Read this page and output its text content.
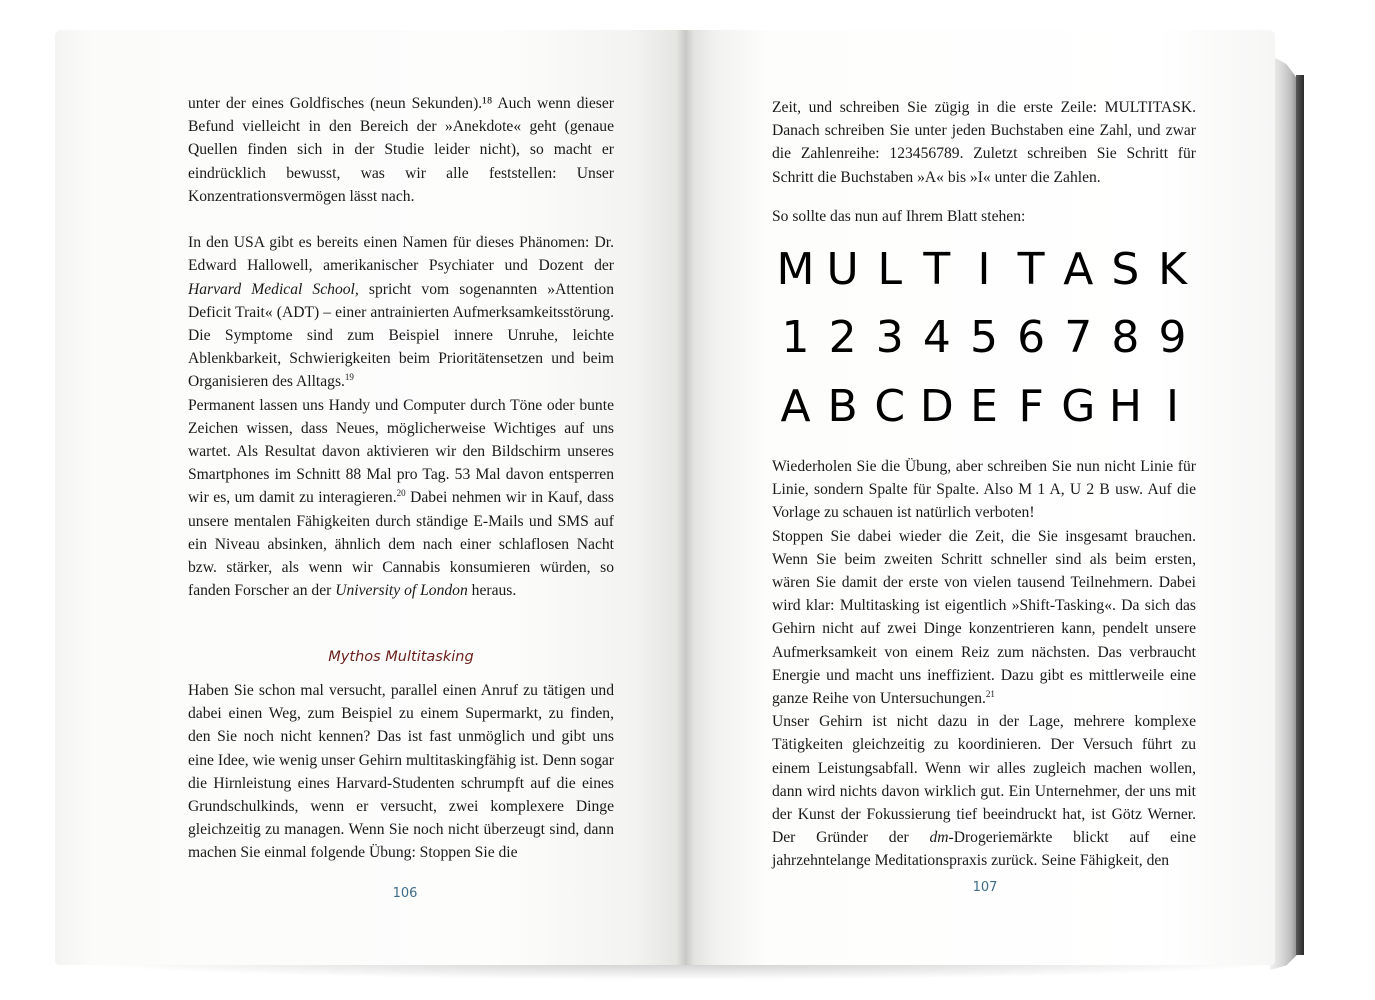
unter der eines Goldfisches (neun Sekunden).¹⁸ Auch wenn dieser Befund vielleicht in den Bereich der »Anekdote« geht (genaue Quellen finden sich in der Studie leider nicht), so macht er eindrücklich bewusst, was wir alle feststellen: Unser Konzentrationsvermögen lässt nach.

In den USA gibt es bereits einen Namen für dieses Phänomen: Dr. Edward Hallowell, amerikanischer Psychiater und Dozent der Harvard Medical School, spricht vom sogenannten »Attention Deficit Trait« (ADT) – einer antrainierten Aufmerksamkeitsstörung. Die Symptome sind zum Beispiel innere Unruhe, leichte Ablenkbarkeit, Schwierigkeiten beim Prioritätensetzen und beim Organisieren des Alltags.$^{19}$

Permanent lassen uns Handy und Computer durch Töne oder bunte Zeichen wissen, dass Neues, möglicherweise Wichtiges auf uns wartet. Als Resultat davon aktivieren wir den Bildschirm unseres Smartphones im Schnitt 88 Mal pro Tag. 53 Mal davon entsperren wir es, um damit zu interagieren.$^{20}$ Dabei nehmen wir in Kauf, dass unsere mentalen Fähigkeiten durch ständige E-Mails und SMS auf ein Niveau absinken, ähnlich dem nach einer schlaflosen Nacht bzw. stärker, als wenn wir Cannabis konsumieren würden, so fanden Forscher an der University of London heraus.

Mythos Multitasking

Haben Sie schon mal versucht, parallel einen Anruf zu tätigen und dabei einen Weg, zum Beispiel zu einem Supermarkt, zu finden, den Sie noch nicht kennen? Das ist fast unmöglich und gibt uns eine Idee, wie wenig unser Gehirn multitaskingfähig ist. Denn sogar die Hirnleistung eines Harvard-Studenten schrumpft auf die eines Grundschulkinds, wenn er versucht, zwei komplexere Dinge gleichzeitig zu managen. Wenn Sie noch nicht überzeugt sind, dann machen Sie einmal folgende Übung: Stoppen Sie die

106

Zeit, und schreiben Sie zügig in die erste Zeile: MULTITASK. Danach schreiben Sie unter jeden Buchstaben eine Zahl, und zwar die Zahlenreihe: 123456789. Zuletzt schreiben Sie Schritt für Schritt die Buchstaben »A« bis »I« unter die Zahlen.

So sollte das nun auf Ihrem Blatt stehen:
M U L T I T A S K
1 2 3 4 5 6 7 8 9
A B C D E F G H I

Wiederholen Sie die Übung, aber schreiben Sie nun nicht Linie für Linie, sondern Spalte für Spalte. Also M 1 A, U 2 B usw. Auf die Vorlage zu schauen ist natürlich verboten!

Stoppen Sie dabei wieder die Zeit, die Sie insgesamt brauchen. Wenn Sie beim zweiten Schritt schneller sind als beim ersten, wären Sie damit der erste von vielen tausend Teilnehmern. Dabei wird klar: Multitasking ist eigentlich »Shift-Tasking«. Da sich das Gehirn nicht auf zwei Dinge konzentrieren kann, pendelt unsere Aufmerksamkeit von einem Reiz zum nächsten. Das verbraucht Energie und macht uns ineffizient. Dazu gibt es mittlerweile eine ganze Reihe von Untersuchungen.$^{21}$

Unser Gehirn ist nicht dazu in der Lage, mehrere komplexe Tätigkeiten gleichzeitig zu koordinieren. Der Versuch führt zu einem Leistungsabfall. Wenn wir alles zugleich machen wollen, dann wird nichts davon wirklich gut. Ein Unternehmer, der uns mit der Kunst der Fokussierung tief beeindruckt hat, ist Götz Werner. Der Gründer der dm-Drogeriemärkte blickt auf eine jahrzehntelange Meditationspraxis zurück. Seine Fähigkeit, den

107
